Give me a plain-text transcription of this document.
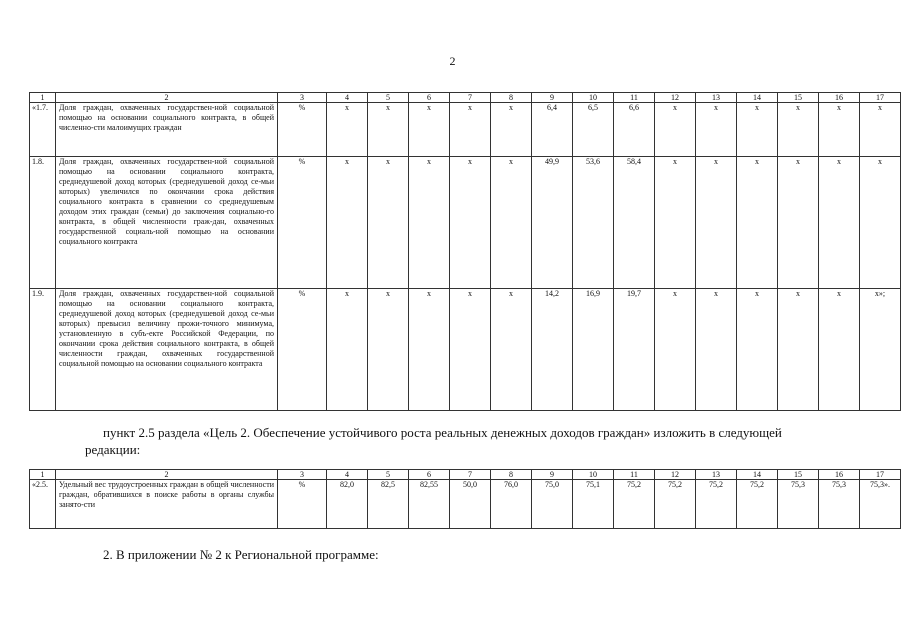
2
1	2	3	4	5	6	7	8	9	10	11	12	13	14	15	16	17
«1.7.	Доля граждан, охваченных государствен-ной социальной помощью на основании социального контракта, в общей численно-сти малоимущих граждан	%	х	х	х	х	х	6,4	6,5	6,6	х	х	х	х	х	х
1.8.	Доля граждан, охваченных государствен-ной социальной помощью на основании социального контракта, среднедушевой доход которых (среднедушевой доход се-мьи которых) увеличился по окончании срока действия социального контракта в сравнении со среднедушевым доходом этих граждан (семьи) до заключения социально-го контракта, в общей численности граж-дан, охваченных государственной социаль-ной помощью на основании социального контракта	%	х	х	х	х	х	49,9	53,6	58,4	х	х	х	х	х	х
1.9.	Доля граждан, охваченных государствен-ной социальной помощью на основании социального контракта, среднедушевой доход которых (среднедушевой доход се-мьи которых) превысил величину прожи-точного минимума, установленную в субъ-екте Российской Федерации, по окончании срока действия социального контракта, в общей численности граждан, охваченных государственной социальной помощью на основании социального контракта	%	х	х	х	х	х	14,2	16,9	19,7	х	х	х	х	х	х»;
пункт 2.5 раздела «Цель 2. Обеспечение устойчивого роста реальных денежных доходов граждан» изложить в следующей
редакции:
1	2	3	4	5	6	7	8	9	10	11	12	13	14	15	16	17
«2.5.	Удельный вес трудоустроенных граждан в общей численности граждан, обратившихся в поиске работы в органы службы занято-сти	%	82,0	82,5	82,55	50,0	76,0	75,0	75,1	75,2	75,2	75,2	75,2	75,3	75,3	75,3».
2. В приложении № 2 к Региональной программе:
